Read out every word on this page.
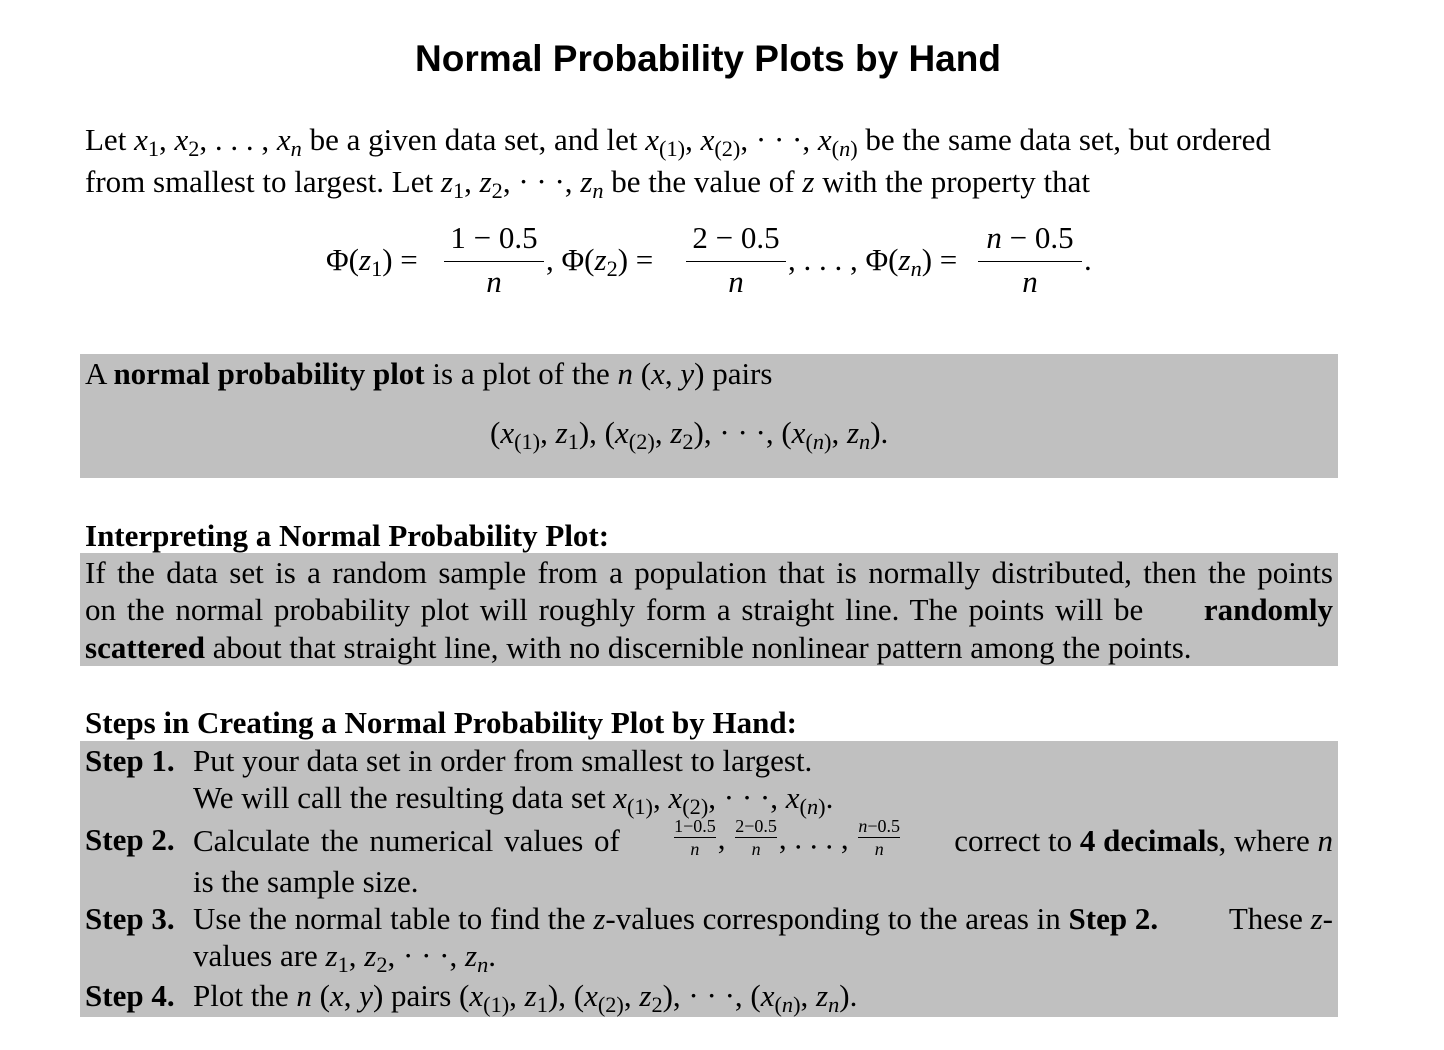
Normal Probability Plots by Hand
Let $x_1$, $x_2$, . . . , $x_n$ be a given data set, and let $x_{(1)}$, $x_{(2)}$, · · ·, $x_{(n)}$ be the same data set, but ordered
from smallest to largest. Let $z_1$, $z_2$, · · ·, $z_n$ be the value of z with the property that
$\Phi(z_1)$ =
1 − 0.5
n
, $\Phi(z_2)$ =
2 − 0.5
n
, . . . , $\Phi(z_n)$ =
n − 0.5
n
.
A normal probability plot is a plot of the n (x, y) pairs
($x_{(1)}$, $z_1$), ($x_{(2)}$, $z_2$), · · ·, ($x_{(n)}$, $z_n$).
Interpreting a Normal Probability Plot:
If the data set is a random sample from a population that is normally distributed, then the points
on the normal probability plot will roughly form a straight line. The points will be randomly
scattered about that straight line, with no discernible nonlinear pattern among the points.
Steps in Creating a Normal Probability Plot by Hand:
Step 1. Put your data set in order from smallest to largest.
We will call the resulting data set $x_{(1)}$, $x_{(2)}$, · · ·, $x_{(n)}$.
Step 2. Calculate the numerical values of	$\frac{1-0.5}{n}$ , $\frac{2-0.5}{n}$ , . . . , $\frac{n-0.5}{n}$ correct to 4 decimals, where n
is the sample size.
Step 3. Use the normal table to find the z-values corresponding to the areas in Step 2. These z-
values are $z_1$, $z_2$, · · ·, $z_n$.
Step 4. Plot the n (x, y) pairs ($x_{(1)}$, $z_1$), ($x_{(2)}$, $z_2$), · · ·, ($x_{(n)}$, $z_n$).
